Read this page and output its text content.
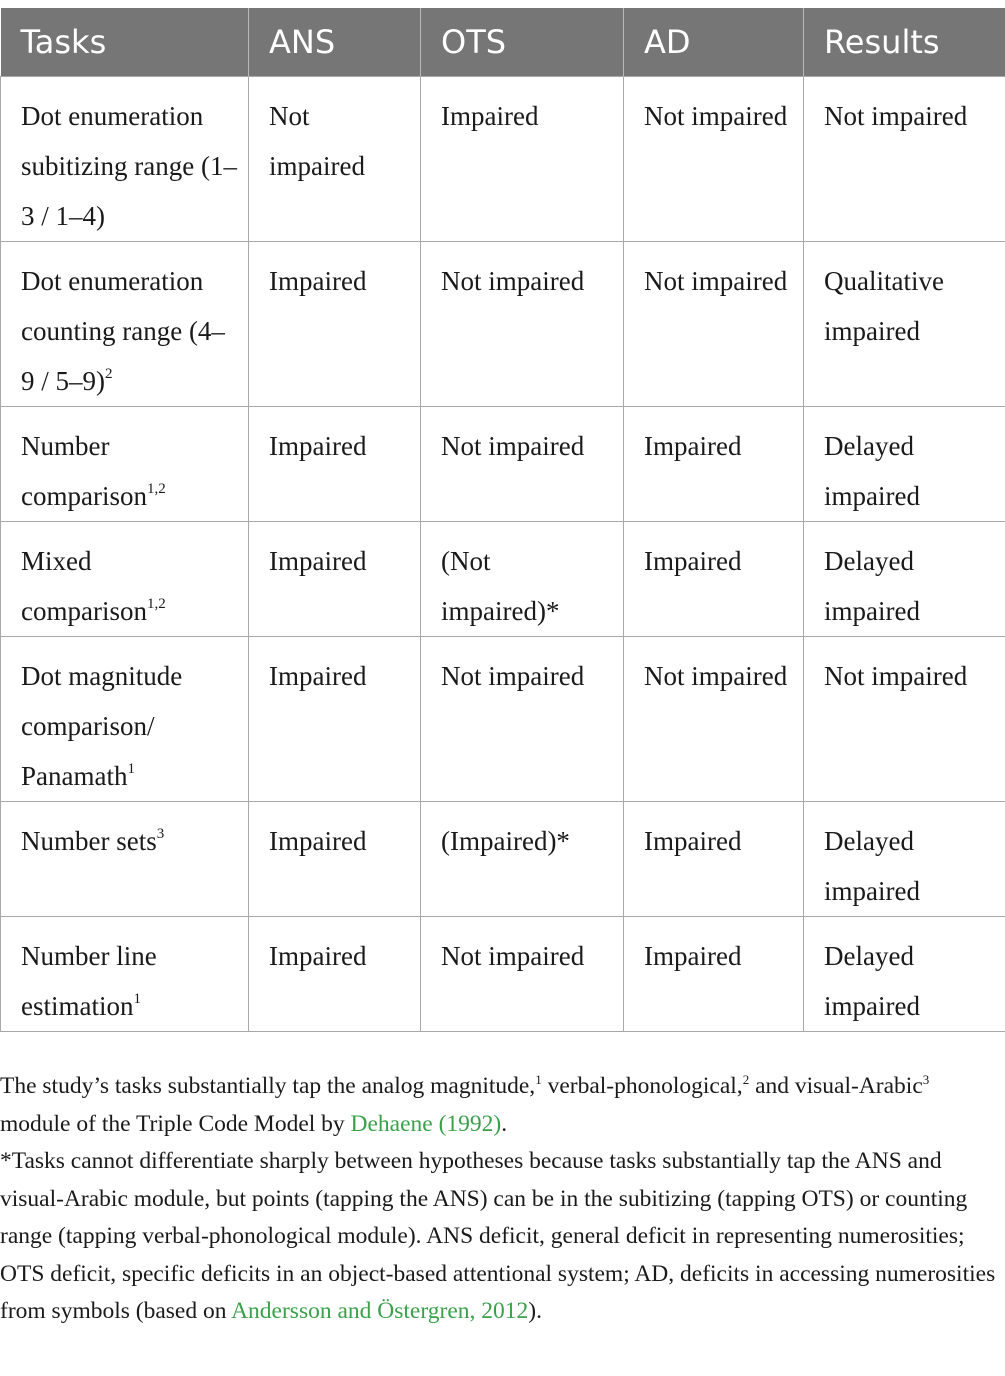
Tasks	ANS	OTS	AD	Results
Dot enumeration subitizing range (1–3 / 1–4)	Not impaired	Impaired	Not impaired	Not impaired
Dot enumeration counting range (4–9 / 5–9)$^2$	Impaired	Not impaired	Not impaired	Qualitative impaired
Number comparison$^{1,2}$	Impaired	Not impaired	Impaired	Delayed impaired
Mixed comparison$^{1,2}$	Impaired	(Not impaired)*	Impaired	Delayed impaired
Dot magnitude comparison/ Panamath$^1$	Impaired	Not impaired	Not impaired	Not impaired
Number sets$^3$	Impaired	(Impaired)*	Impaired	Delayed impaired
Number line estimation$^1$	Impaired	Not impaired	Impaired	Delayed impaired

The study’s tasks substantially tap the analog magnitude,$^1$ verbal-phonological,$^2$ and visual-Arabic$^3$ module of the Triple Code Model by Dehaene (1992).

*Tasks cannot differentiate sharply between hypotheses because tasks substantially tap the ANS and visual-Arabic module, but points (tapping the ANS) can be in the subitizing (tapping OTS) or counting range (tapping verbal-phonological module). ANS deficit, general deficit in representing numerosities; OTS deficit, specific deficits in an object-based attentional system; AD, deficits in accessing numerosities from symbols (based on Andersson and Östergren, 2012).
